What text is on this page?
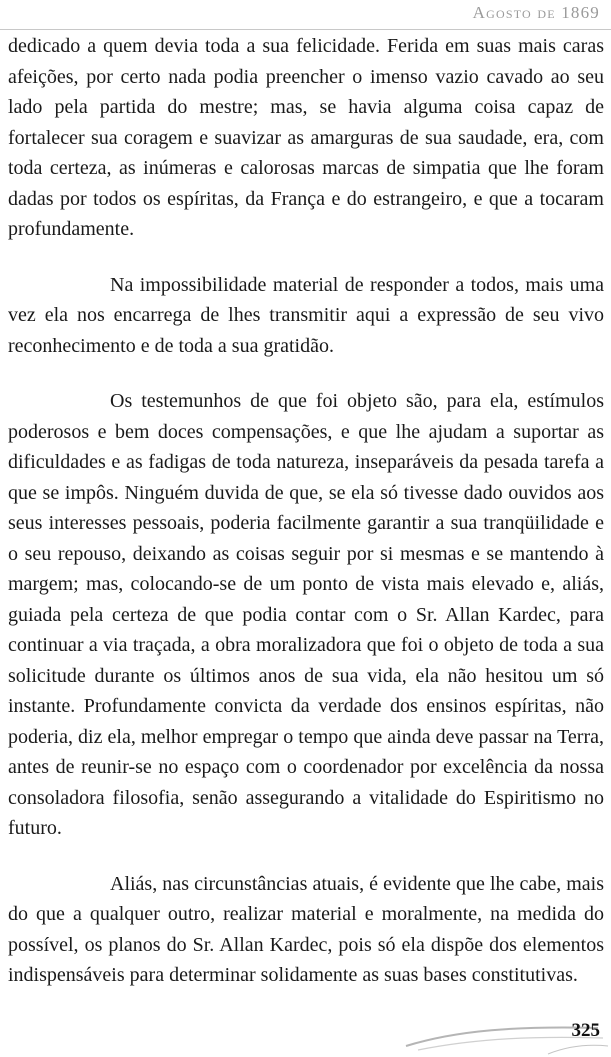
Agosto de 1869

dedicado a quem devia toda a sua felicidade. Ferida em suas mais caras afeições, por certo nada podia preencher o imenso vazio cavado ao seu lado pela partida do mestre; mas, se havia alguma coisa capaz de fortalecer sua coragem e suavizar as amarguras de sua saudade, era, com toda certeza, as inúmeras e calorosas marcas de simpatia que lhe foram dadas por todos os espíritas, da França e do estrangeiro, e que a tocaram profundamente.

Na impossibilidade material de responder a todos, mais uma vez ela nos encarrega de lhes transmitir aqui a expressão de seu vivo reconhecimento e de toda a sua gratidão.

Os testemunhos de que foi objeto são, para ela, estímulos poderosos e bem doces compensações, e que lhe ajudam a suportar as dificuldades e as fadigas de toda natureza, inseparáveis da pesada tarefa a que se impôs. Ninguém duvida de que, se ela só tivesse dado ouvidos aos seus interesses pessoais, poderia facilmente garantir a sua tranqüilidade e o seu repouso, deixando as coisas seguir por si mesmas e se mantendo à margem; mas, colocando-se de um ponto de vista mais elevado e, aliás, guiada pela certeza de que podia contar com o Sr. Allan Kardec, para continuar a via traçada, a obra moralizadora que foi o objeto de toda a sua solicitude durante os últimos anos de sua vida, ela não hesitou um só instante. Profundamente convicta da verdade dos ensinos espíritas, não poderia, diz ela, melhor empregar o tempo que ainda deve passar na Terra, antes de reunir-se no espaço com o coordenador por excelência da nossa consoladora filosofia, senão assegurando a vitalidade do Espiritismo no futuro.

Aliás, nas circunstâncias atuais, é evidente que lhe cabe, mais do que a qualquer outro, realizar material e moralmente, na medida do possível, os planos do Sr. Allan Kardec, pois só ela dispõe dos elementos indispensáveis para determinar solidamente as suas bases constitutivas.

325
